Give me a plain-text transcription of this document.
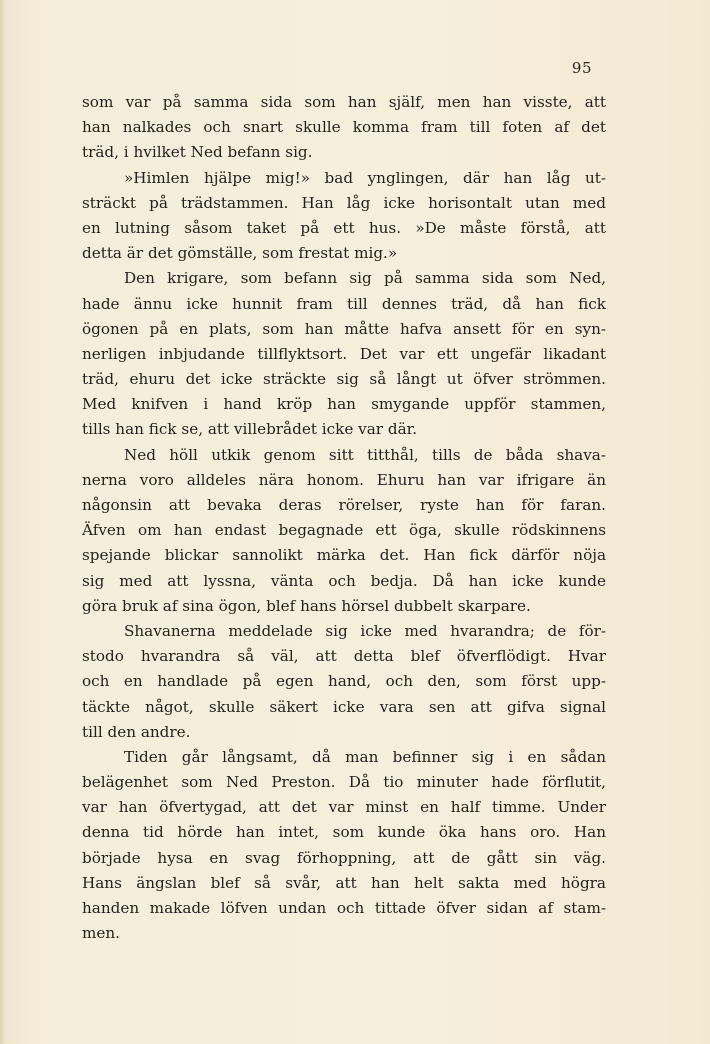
95
som var på samma sida som han själf, men han visste, att
han nalkades och snart skulle komma fram till foten af det
träd, i hvilket Ned befann sig.
»Himlen hjälpe mig!» bad ynglingen, där han låg ut-
sträckt på trädstammen. Han låg icke horisontalt utan med
en lutning såsom taket på ett hus. »De måste förstå, att
detta är det gömställe, som frestat mig.»
Den krigare, som befann sig på samma sida som Ned,
hade ännu icke hunnit fram till dennes träd, då han fick
ögonen på en plats, som han måtte hafva ansett för en syn-
nerligen inbjudande tillflyktsort. Det var ett ungefär likadant
träd, ehuru det icke sträckte sig så långt ut öfver strömmen.
Med knifven i hand kröp han smygande uppför stammen,
tills han fick se, att villebrådet icke var där.
Ned höll utkik genom sitt titthål, tills de båda shava-
nerna voro alldeles nära honom. Ehuru han var ifrigare än
någonsin att bevaka deras rörelser, ryste han för faran.
Äfven om han endast begagnade ett öga, skulle rödskinnens
spejande blickar sannolikt märka det. Han fick därför nöja
sig med att lyssna, vänta och bedja. Då han icke kunde
göra bruk af sina ögon, blef hans hörsel dubbelt skarpare.
Shavanerna meddelade sig icke med hvarandra; de för-
stodo hvarandra så väl, att detta blef öfverflödigt. Hvar
och en handlade på egen hand, och den, som först upp-
täckte något, skulle säkert icke vara sen att gifva signal
till den andre.
Tiden går långsamt, då man befinner sig i en sådan
belägenhet som Ned Preston. Då tio minuter hade förflutit,
var han öfvertygad, att det var minst en half timme. Under
denna tid hörde han intet, som kunde öka hans oro. Han
började hysa en svag förhoppning, att de gått sin väg.
Hans ängslan blef så svår, att han helt sakta med högra
handen makade löfven undan och tittade öfver sidan af stam-
men.
